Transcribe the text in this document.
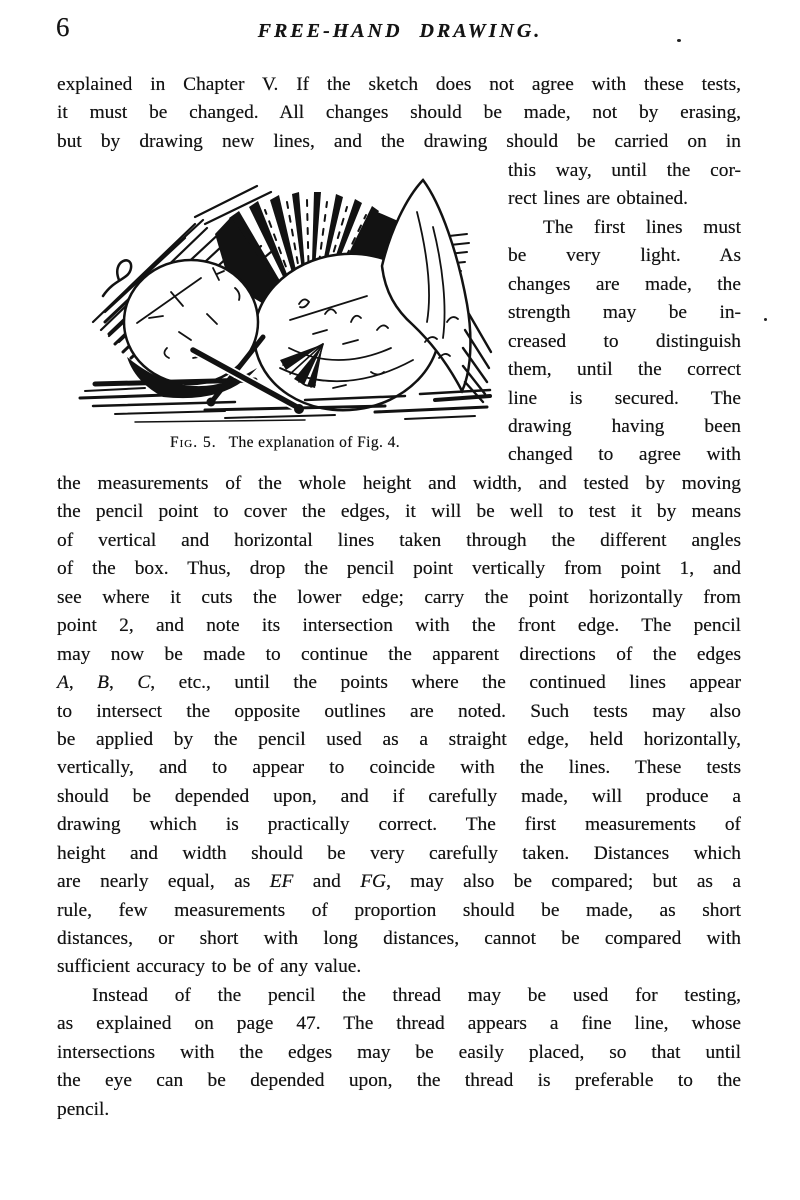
6	FREE-HAND DRAWING.
explained in Chapter V. If the sketch does not agree with these tests,
it must be changed. All changes should be made, not by erasing,
but by drawing new lines, and the drawing should be carried on in
Fig. 5. The explanation of Fig. 4.
this way, until the cor-
rect lines are obtained.
The first lines must
be very light. As
changes are made, the
strength may be in-
creased to distinguish
them, until the correct
line is secured. The
drawing having been
changed to agree with
the measurements of the whole height and width, and tested by moving
the pencil point to cover the edges, it will be well to test it by means
of vertical and horizontal lines taken through the different angles
of the box. Thus, drop the pencil point vertically from point 1, and
see where it cuts the lower edge; carry the point horizontally from
point 2, and note its intersection with the front edge. The pencil
may now be made to continue the apparent directions of the edges
A, B, C, etc., until the points where the continued lines appear
to intersect the opposite outlines are noted. Such tests may also
be applied by the pencil used as a straight edge, held horizontally,
vertically, and to appear to coincide with the lines. These tests
should be depended upon, and if carefully made, will produce a
drawing which is practically correct. The first measurements of
height and width should be very carefully taken. Distances which
are nearly equal, as EF and FG, may also be compared; but as a
rule, few measurements of proportion should be made, as short
distances, or short with long distances, cannot be compared with
sufficient accuracy to be of any value.
Instead of the pencil the thread may be used for testing,
as explained on page 47. The thread appears a fine line, whose
intersections with the edges may be easily placed, so that until
the eye can be depended upon, the thread is preferable to the
pencil.
